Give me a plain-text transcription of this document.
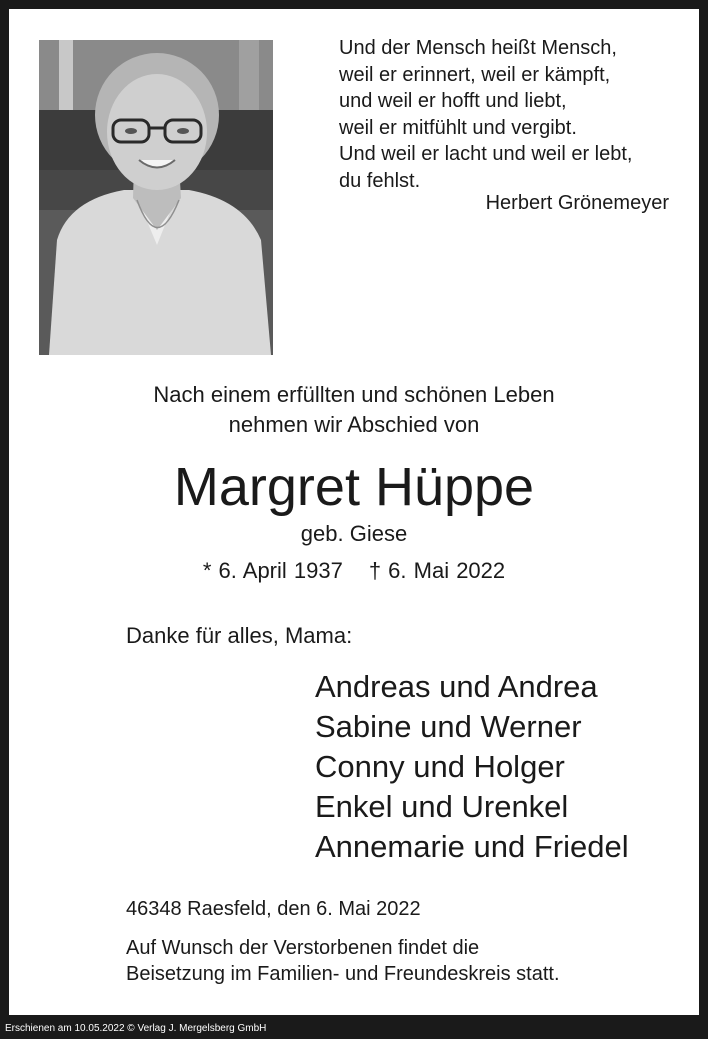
Und der Mensch heißt Mensch,
weil er erinnert, weil er kämpft,
und weil er hofft und liebt,
weil er mitfühlt und vergibt.
Und weil er lacht und weil er lebt,
du fehlst.
Herbert Grönemeyer
Nach einem erfüllten und schönen Leben
nehmen wir Abschied von
Margret Hüppe
geb. Giese
* 6. April 1937 † 6. Mai 2022
Danke für alles, Mama:
Andreas und Andrea
Sabine und Werner
Conny und Holger
Enkel und Urenkel
Annemarie und Friedel
46348 Raesfeld, den 6. Mai 2022
Auf Wunsch der Verstorbenen findet die
Beisetzung im Familien- und Freundeskreis statt.
Erschienen am 10.05.2022 © Verlag J. Mergelsberg GmbH
